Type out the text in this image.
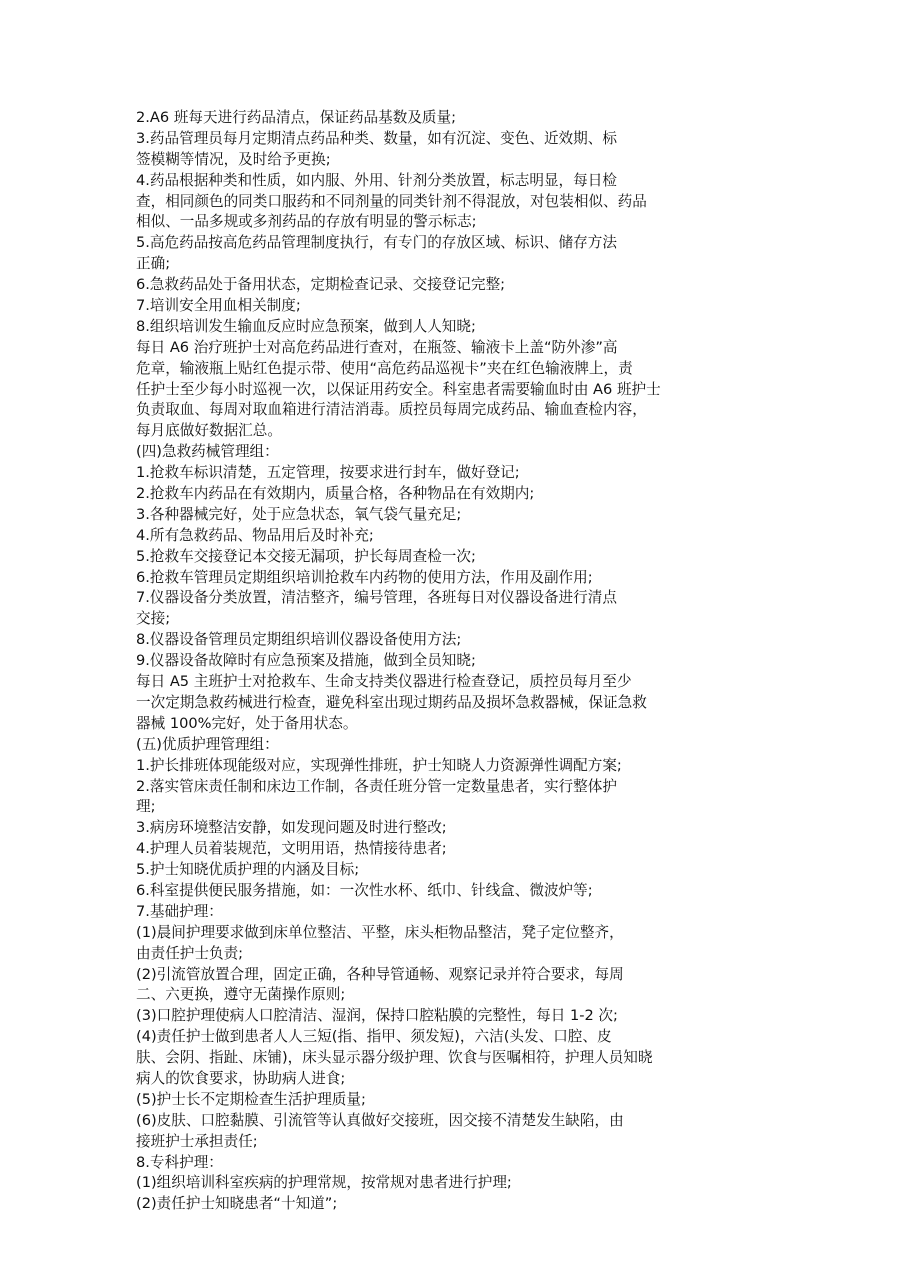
2.A6 班每天进行药品清点，保证药品基数及质量;

3.药品管理员每月定期清点药品种类、数量，如有沉淀、变色、近效期、标

签模糊等情况，及时给予更换;

4.药品根据种类和性质，如内服、外用、针剂分类放置，标志明显，每日检

查，相同颜色的同类口服药和不同剂量的同类针剂不得混放，对包装相似、药品

相似、一品多规或多剂药品的存放有明显的警示标志;

5.高危药品按高危药品管理制度执行，有专门的存放区域、标识、储存方法

正确;

6.急救药品处于备用状态，定期检查记录、交接登记完整;

7.培训安全用血相关制度;

8.组织培训发生输血反应时应急预案，做到人人知晓;

每日 A6 治疗班护士对高危药品进行查对，在瓶签、输液卡上盖“防外渗”高

危章，输液瓶上贴红色提示带、使用“高危药品巡视卡”夹在红色输液牌上，责

任护士至少每小时巡视一次，以保证用药安全。科室患者需要输血时由 A6 班护士

负责取血、每周对取血箱进行清洁消毒。质控员每周完成药品、输血查检内容，

每月底做好数据汇总。

(四)急救药械管理组：

1.抢救车标识清楚，五定管理，按要求进行封车，做好登记;

2.抢救车内药品在有效期内，质量合格，各种物品在有效期内;

3.各种器械完好，处于应急状态，氧气袋气量充足;

4.所有急救药品、物品用后及时补充;

5.抢救车交接登记本交接无漏项，护长每周查检一次;

6.抢救车管理员定期组织培训抢救车内药物的使用方法，作用及副作用;

7.仪器设备分类放置，清洁整齐，编号管理，各班每日对仪器设备进行清点

交接;

8.仪器设备管理员定期组织培训仪器设备使用方法;

9.仪器设备故障时有应急预案及措施，做到全员知晓;

每日 A5 主班护士对抢救车、生命支持类仪器进行检查登记，质控员每月至少

一次定期急救药械进行检查，避免科室出现过期药品及损坏急救器械，保证急救

器械 100%完好，处于备用状态。

(五)优质护理管理组：

1.护长排班体现能级对应，实现弹性排班，护士知晓人力资源弹性调配方案;

2.落实管床责任制和床边工作制，各责任班分管一定数量患者，实行整体护

理;

3.病房环境整洁安静，如发现问题及时进行整改;

4.护理人员着装规范，文明用语，热情接待患者;

5.护士知晓优质护理的内涵及目标;

6.科室提供便民服务措施，如：一次性水杯、纸巾、针线盒、微波炉等;

7.基础护理：

(1)晨间护理要求做到床单位整洁、平整，床头柜物品整洁，凳子定位整齐，

由责任护士负责;

(2)引流管放置合理，固定正确，各种导管通畅、观察记录并符合要求，每周

二、六更换，遵守无菌操作原则;

(3)口腔护理使病人口腔清洁、湿润，保持口腔粘膜的完整性，每日 1-2 次;

(4)责任护士做到患者人人三短(指、指甲、须发短)，六洁(头发、口腔、皮

肤、会阴、指趾、床铺)，床头显示器分级护理、饮食与医嘱相符，护理人员知晓

病人的饮食要求，协助病人进食;

(5)护士长不定期检查生活护理质量;

(6)皮肤、口腔黏膜、引流管等认真做好交接班，因交接不清楚发生缺陷，由

接班护士承担责任;

8.专科护理：

(1)组织培训科室疾病的护理常规，按常规对患者进行护理;

(2)责任护士知晓患者“十知道”;
